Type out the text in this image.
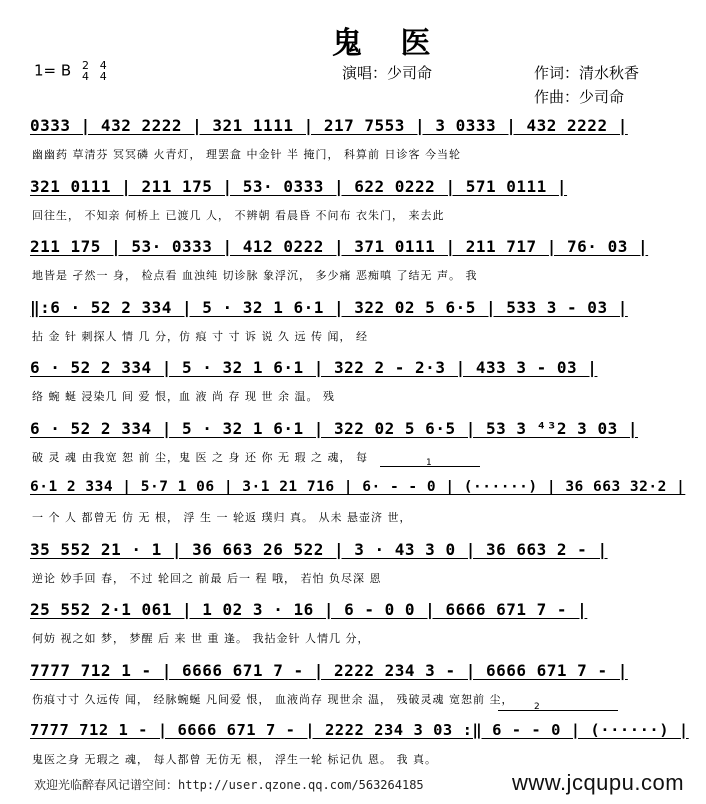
鬼 医
1= B 2
4

4
4	演唱：少司命	作词：清水秋香
作曲：少司命
0333 | 432 2222 | 321 1111 | 217 7553 | 3 0333 | 432 2222 |
幽幽药 草清芬 冥冥磷 火青灯， 理罢盒 中金针 半 掩门， 科算前 日诊客 今当轮
321 0111 | 211 175 | 53· 0333 | 622 0222 | 571 0111 |
回往生， 不知亲 何桥上 已渡几 人， 不辨朝 看晨昏 不问布 衣朱门， 来去此
211 175 | 53· 0333 | 412 0222 | 371 0111 | 211 717 | 76· 03 |
地皆是 孑然一 身， 检点看 血浊纯 切诊脉 象浮沉， 多少痛 恶痴嗔 了结无 声。 我
‖:6 · 52 2 334 | 5 · 32 1 6·1 | 322 02 5 6·5 | 533 3 - 03 |
拈 金 针 刺探人 情 几 分，仿 痕 寸 寸 诉 说 久 远 传 闻， 经
6 · 52 2 334 | 5 · 32 1 6·1 | 322 2 - 2·3 | 433 3 - 03 |
络 蜿 蜒 浸染几 间 爱 恨，血 液 尚 存 现 世 余 温。 残
6 · 52 2 334 | 5 · 32 1 6·1 | 322 02 5 6·5 | 53 3 ⁴³2 3 03 |
破 灵 魂 由我宽 恕 前 尘，鬼 医 之 身 还 你 无 瑕 之 魂， 每
6·1 2 334 | 5·7 1 06 | 3·1 21 716 | 6· - - 0 | (······) | 36 663 32·2 |
一 个 人 都曾无 仿 无 根， 浮 生 一 轮返 璞归 真。 从未 悬壶济 世，
35 552 21 · 1 | 36 663 26 522 | 3 · 43 3 0 | 36 663 2 - |
逆论 妙手回 春， 不过 轮回之 前最 后一 程 哦， 若怕 负尽深 恩
25 552 2·1 061 | 1 02 3 · 16 | 6 - 0 0 | 6666 671 7 - |
何妨 视之如 梦， 梦醒 后 来 世 重 逢。 我拈金针 人情几 分，
7777 712 1 - | 6666 671 7 - | 2222 234 3 - | 6666 671 7 - |
伤痕寸寸 久远传 闻， 经脉蜿蜒 凡间爱 恨， 血液尚存 现世余 温， 残破灵魂 宽恕前 尘，
7777 712 1 - | 6666 671 7 - | 2222 234 3 03 :‖ 6 - - 0 | (······) |
鬼医之身 无瑕之 魂， 每人都曾 无仿无 根， 浮生一轮 标记仇 恩。 我 真。
1
2
欢迎光临醉春风记谱空间：http://user.qzone.qq.com/563264185	www.jcqupu.com
